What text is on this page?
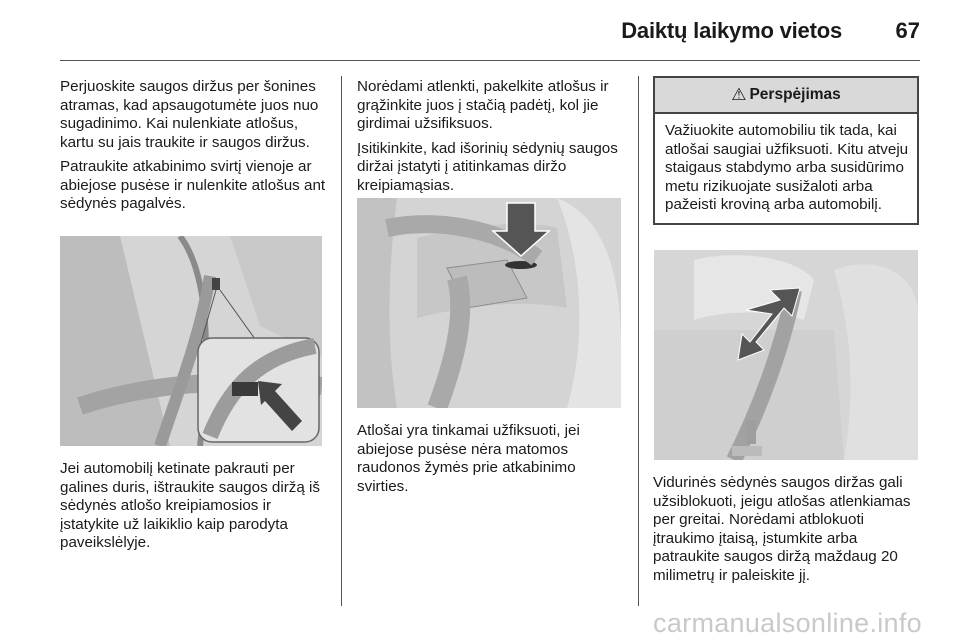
Daiktų laikymo vietos 67

Perjuoskite saugos diržus per šonines atramas, kad apsaugotumėte juos nuo sugadinimo. Kai nulenkiate atlošus, kartu su jais traukite ir saugos diržus.

Patraukite atkabinimo svirtį vienoje ar abiejose pusėse ir nulenkite atlošus ant sėdynės pagalvės.

Jei automobilį ketinate pakrauti per galines duris, ištraukite saugos diržą iš sėdynės atlošo kreipiamosios ir įstatykite už laikiklio kaip parodyta paveikslėlyje.

Norėdami atlenkti, pakelkite atlošus ir grąžinkite juos į stačią padėtį, kol jie girdimai užsifiksuos.

Įsitikinkite, kad išorinių sėdynių saugos diržai įstatyti į atitinkamas diržo kreipiamąsias.

Atlošai yra tinkamai užfiksuoti, jei abiejose pusėse nėra matomos raudonos žymės prie atkabinimo svirties.

⚠ Perspėjimas
Važiuokite automobiliu tik tada, kai atlošai saugiai užfiksuoti. Kitu atveju staigaus stabdymo arba susidūrimo metu rizikuojate susižaloti arba pažeisti kroviną arba automobilį.

Vidurinės sėdynės saugos diržas gali užsiblokuoti, jeigu atlošas atlenkiamas per greitai. Norėdami atblokuoti įtraukimo įtaisą, įstumkite arba patraukite saugos diržą maždaug 20 milimetrų ir paleiskite jį.

carmanualsonline.info
